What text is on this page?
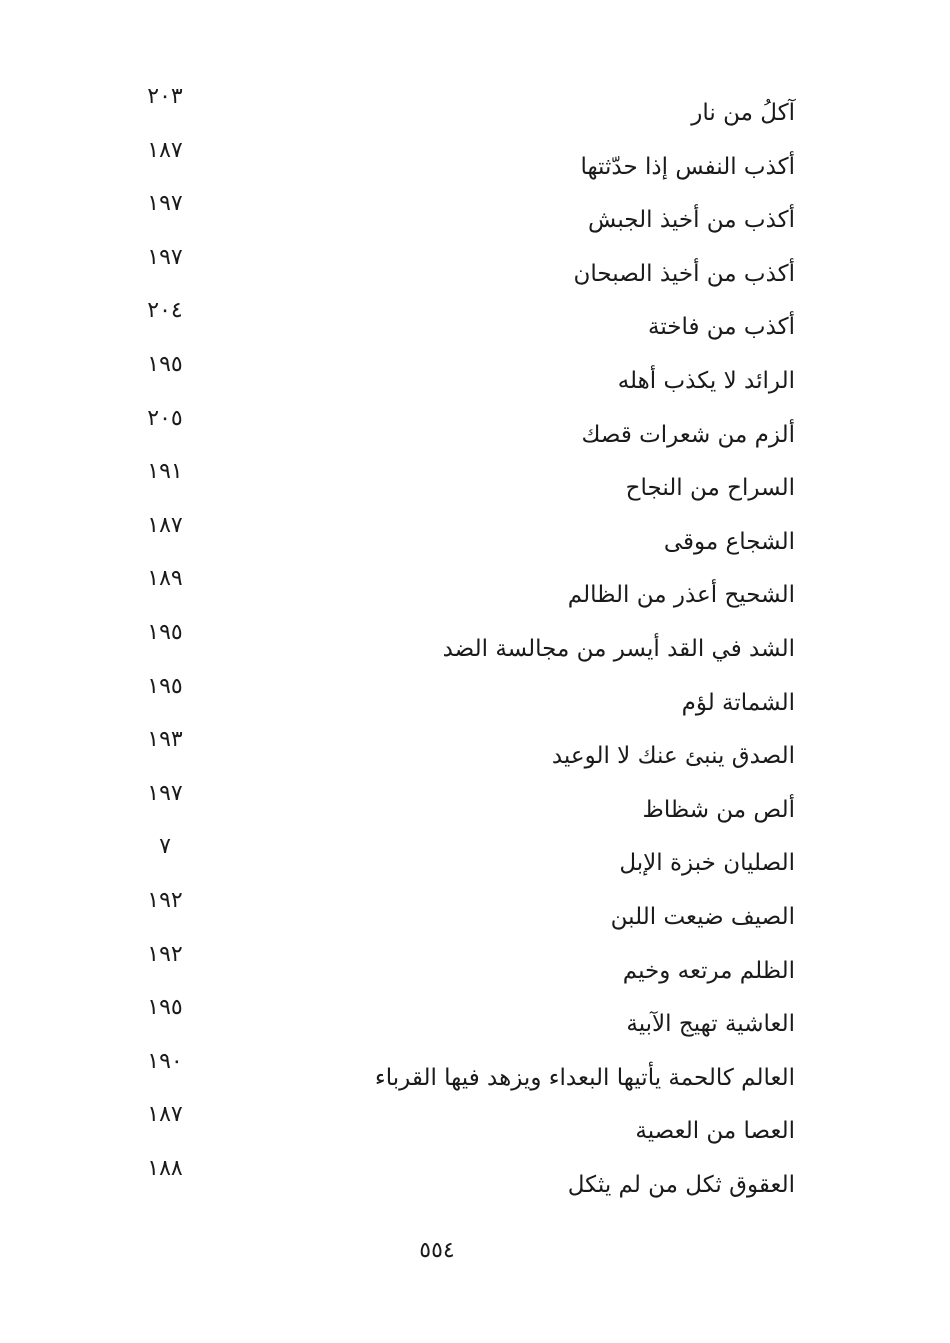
آكلُ من نار
٢٠٣
أكذب النفس إذا حدّثتها
١٨٧
أكذب من أخيذ الجبش
١٩٧
أكذب من أخيذ الصبحان
١٩٧
أكذب من فاختة
٢٠٤
الرائد لا يكذب أهله
١٩٥
ألزم من شعرات قصك
٢٠٥
السراح من النجاح
١٩١
الشجاع موقى
١٨٧
الشحيح أعذر من الظالم
١٨٩
الشد في القد أيسر من مجالسة الضد
١٩٥
الشماتة لؤم
١٩٥
الصدق ينبئ عنك لا الوعيد
١٩٣
ألص من شظاظ
١٩٧
الصليان خبزة الإبل
٧
الصيف ضيعت اللبن
١٩٢
الظلم مرتعه وخيم
١٩٢
العاشية تهيج الآبية
١٩٥
العالم كالحمة يأتيها البعداء ويزهد فيها القرباء
١٩٠
العصا من العصية
١٨٧
العقوق ثكل من لم يثكل
١٨٨
٥٥٤
